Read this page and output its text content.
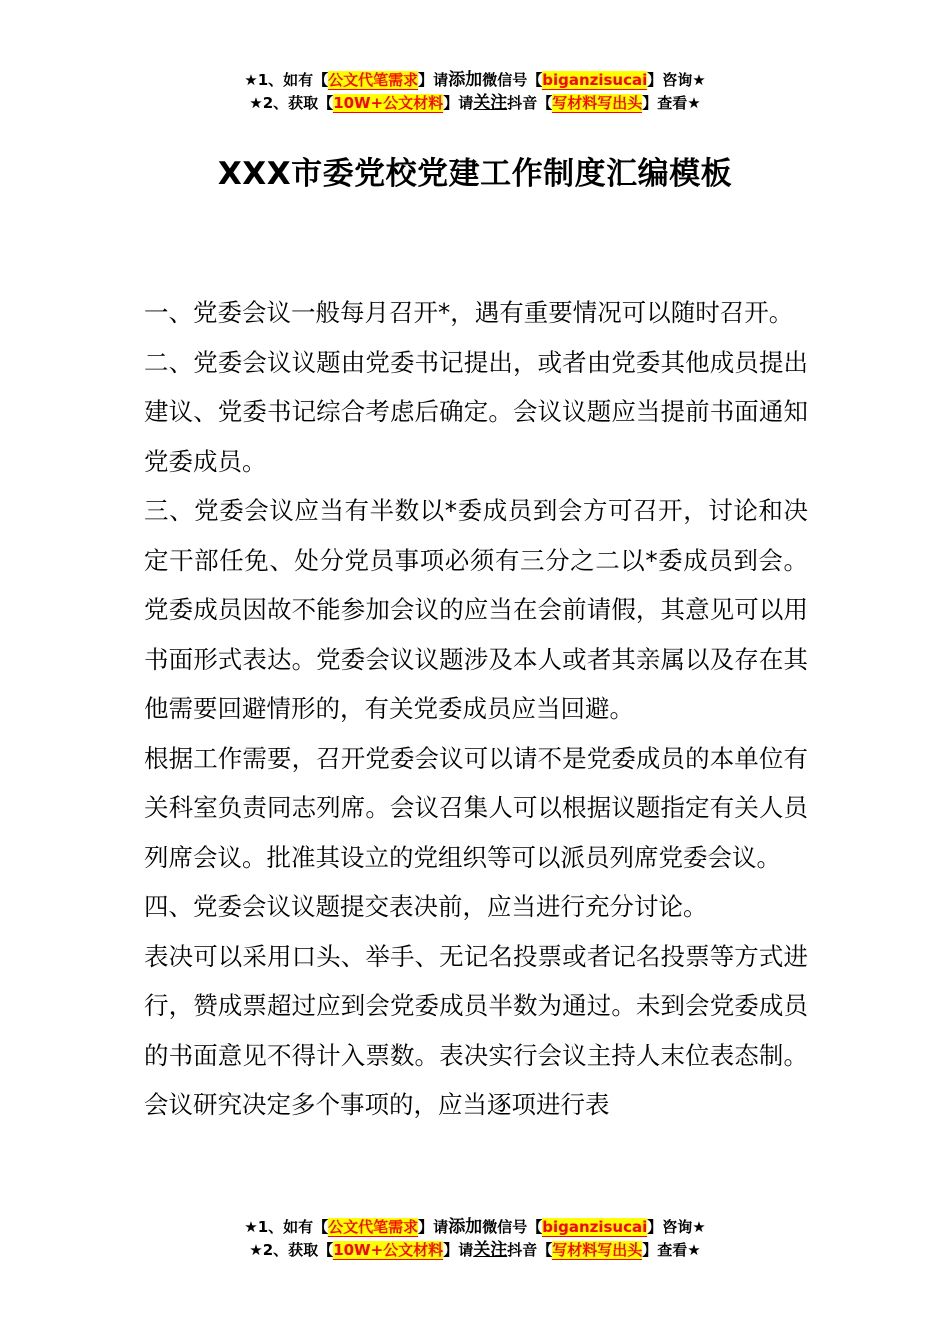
★1、如有【公文代笔需求】请添加微信号【biganzisucai】咨询★
★2、获取【10W+公文材料】请关注抖音【写材料写出头】查看★
XXX市委党校党建工作制度汇编模板

一、党委会议一般每月召开*，遇有重要情况可以随时召开。

二、党委会议议题由党委书记提出，或者由党委其他成员提出建议、党委书记综合考虑后确定。会议议题应当提前书面通知党委成员。

三、党委会议应当有半数以*委成员到会方可召开，讨论和决定干部任免、处分党员事项必须有三分之二以*委成员到会。党委成员因故不能参加会议的应当在会前请假，其意见可以用书面形式表达。党委会议议题涉及本人或者其亲属以及存在其他需要回避情形的，有关党委成员应当回避。

根据工作需要，召开党委会议可以请不是党委成员的本单位有关科室负责同志列席。会议召集人可以根据议题指定有关人员列席会议。批准其设立的党组织等可以派员列席党委会议。

四、党委会议议题提交表决前，应当进行充分讨论。

表决可以采用口头、举手、无记名投票或者记名投票等方式进行，赞成票超过应到会党委成员半数为通过。未到会党委成员的书面意见不得计入票数。表决实行会议主持人末位表态制。会议研究决定多个事项的，应当逐项进行表

★1、如有【公文代笔需求】请添加微信号【biganzisucai】咨询★
★2、获取【10W+公文材料】请关注抖音【写材料写出头】查看★
